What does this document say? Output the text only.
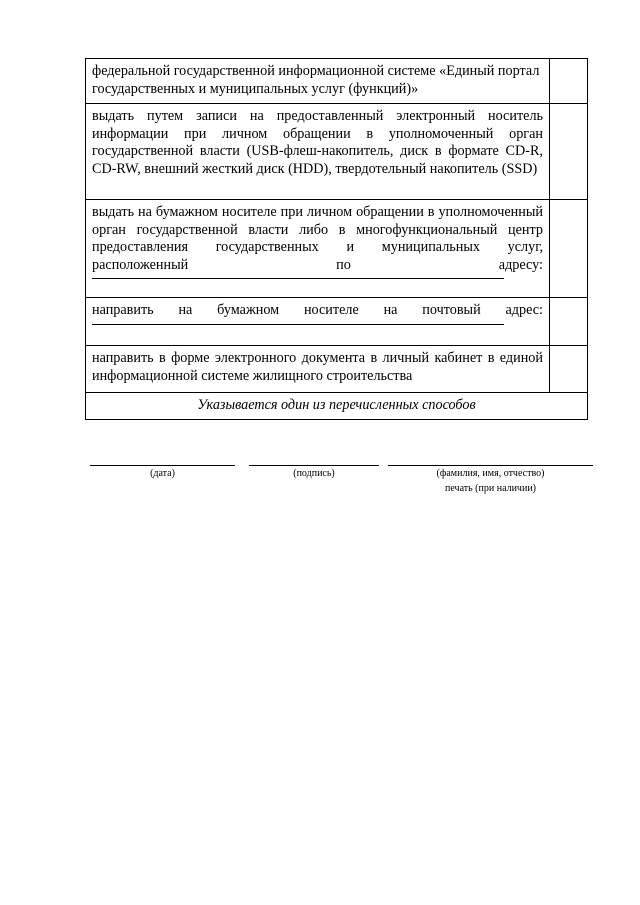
федеральной государственной информационной системе «Единый портал государственных и муниципальных услуг (функций)»	
выдать путем записи на предоставленный электронный носитель информации при личном обращении в уполномоченный орган государственной власти (USB-флеш-накопитель, диск в формате CD-R, CD-RW, внешний жесткий диск (HDD), твердотельный накопитель (SSD)	
выдать на бумажном носителе при личном обращении в уполномоченный орган государственной власти либо в многофункциональный центр предоставления государственных и муниципальных услуг, расположенный по адресу:

направить на бумажном носителе на почтовый адрес:

направить в форме электронного документа в личный кабинет в единой информационной системе жилищного строительства	
Указывается один из перечисленных способов	
(дата)	(подпись)	(фамилия, имя, отчество)
печать (при наличии)
